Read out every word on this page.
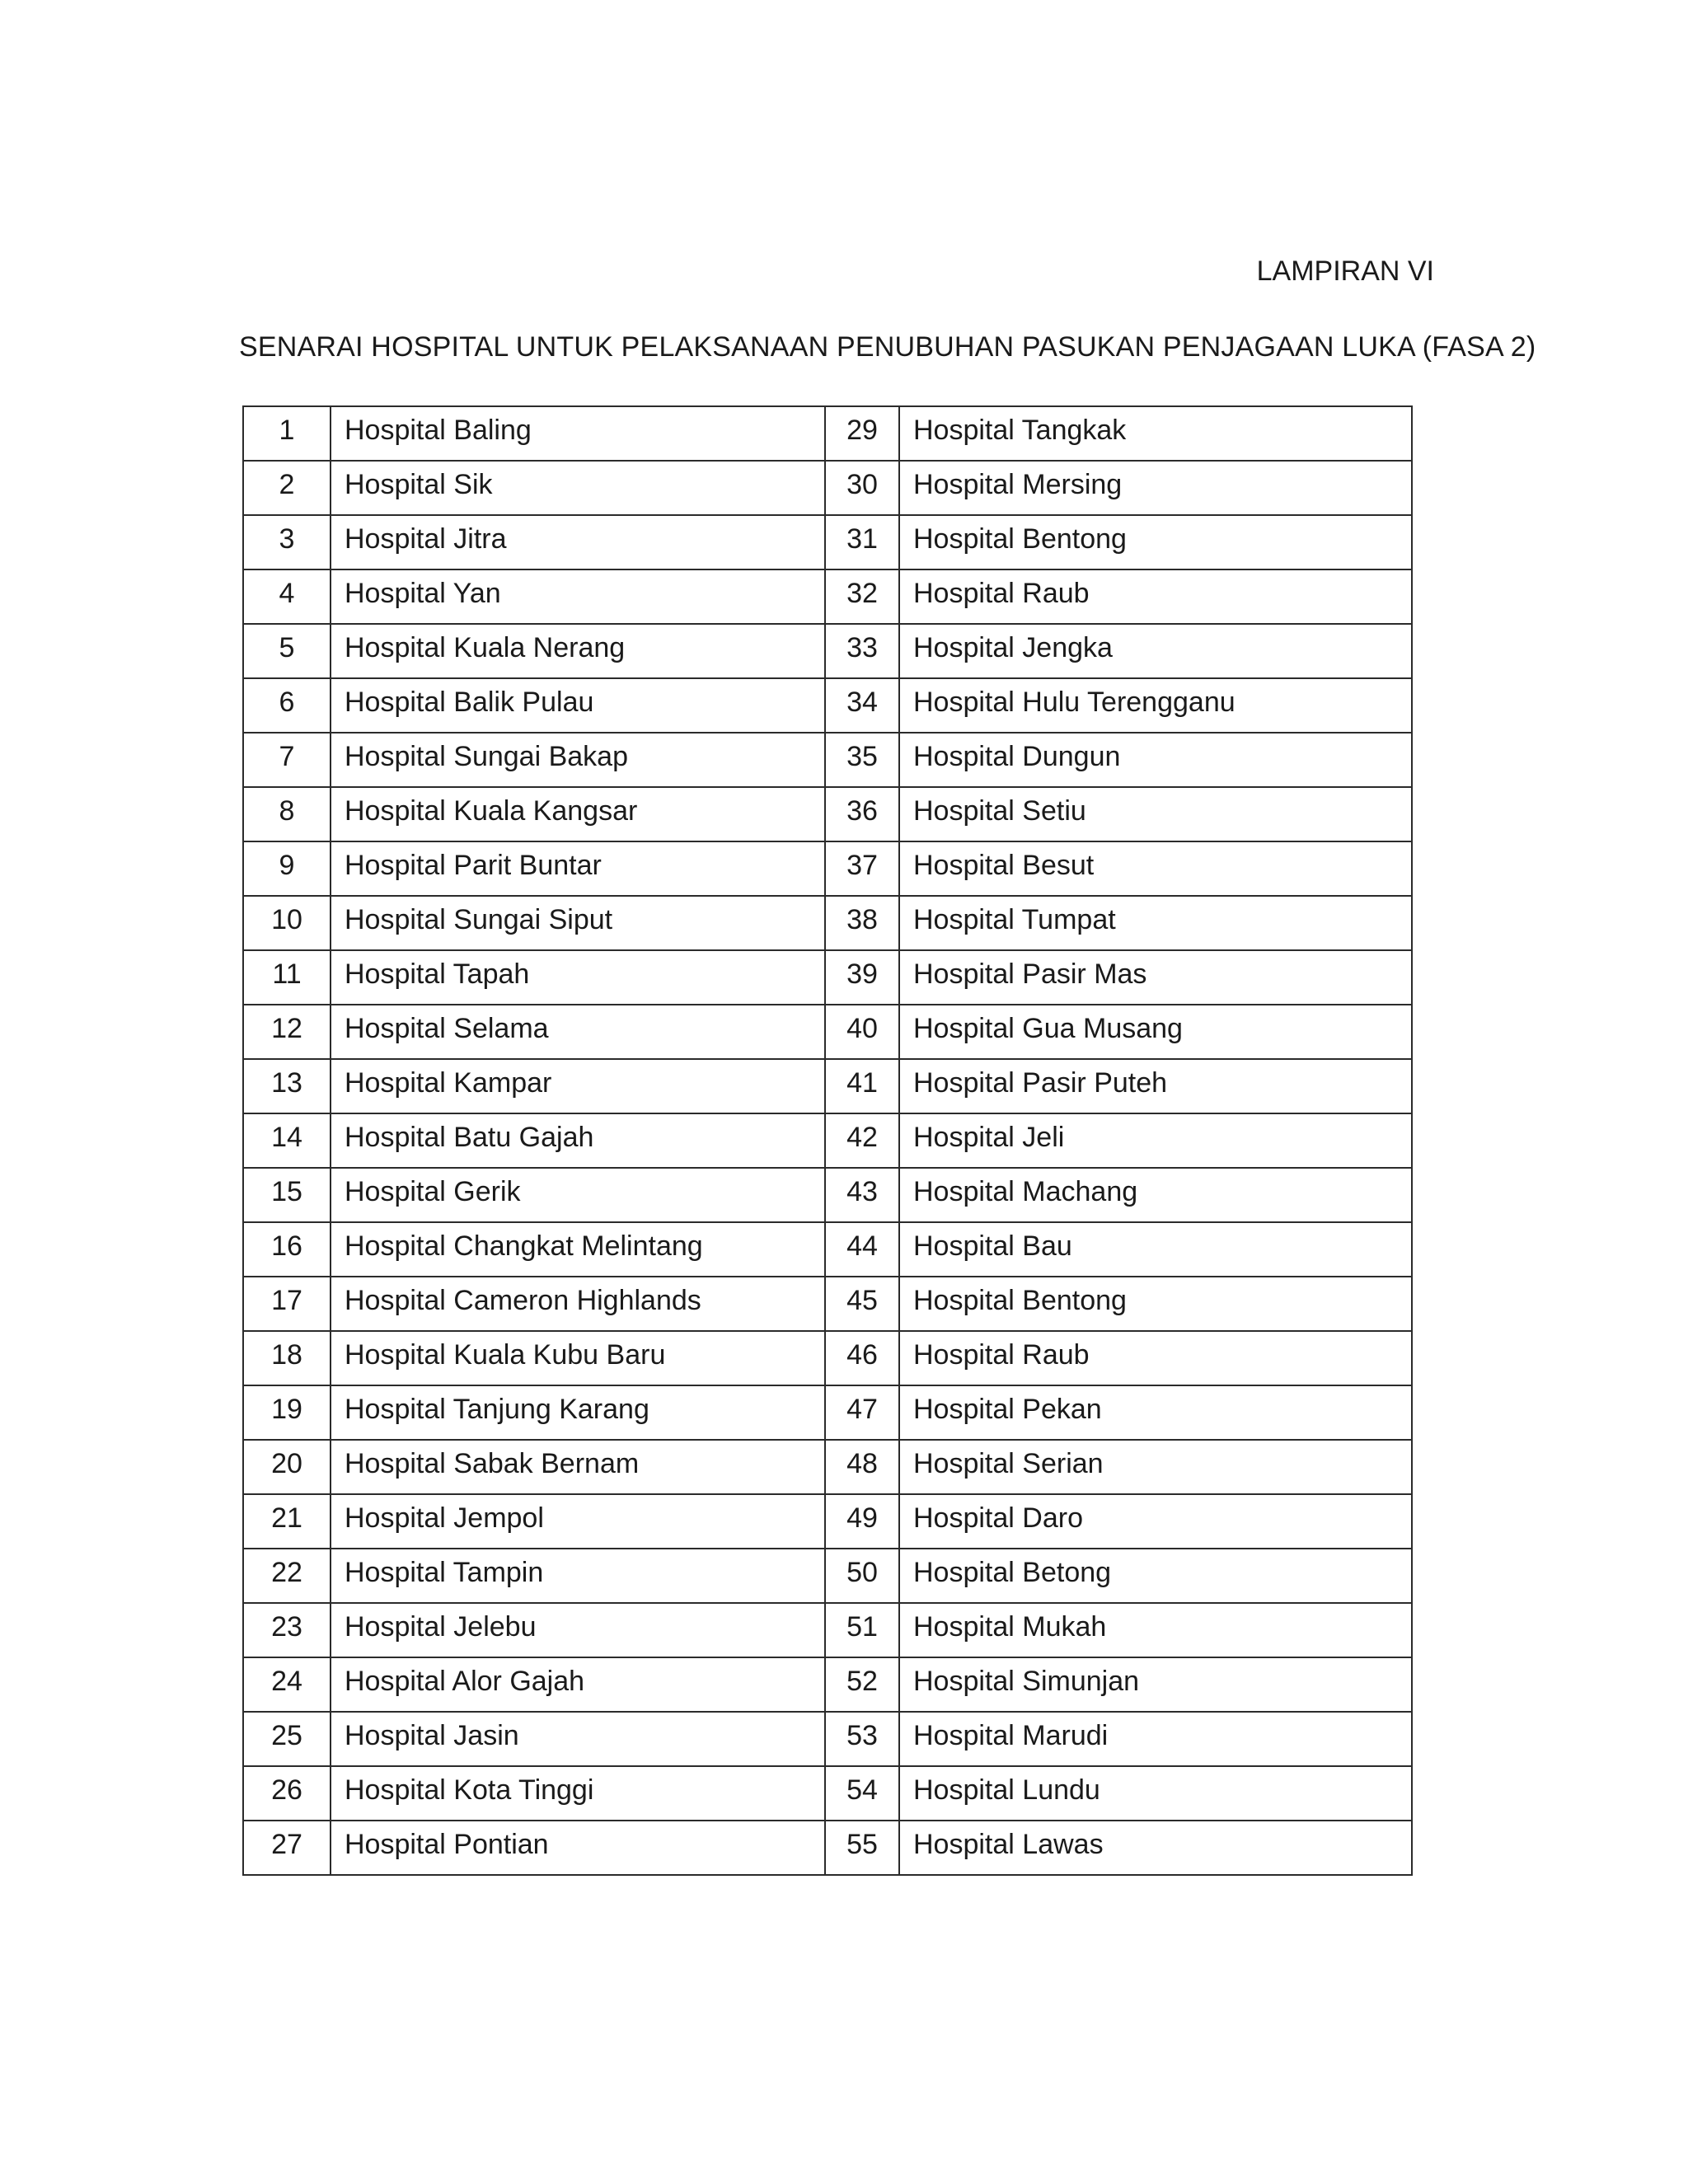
LAMPIRAN VI
SENARAI HOSPITAL UNTUK PELAKSANAAN PENUBUHAN PASUKAN PENJAGAAN LUKA (FASA 2)
1	Hospital Baling	29	Hospital Tangkak
2	Hospital Sik	30	Hospital Mersing
3	Hospital Jitra	31	Hospital Bentong
4	Hospital Yan	32	Hospital Raub
5	Hospital Kuala Nerang	33	Hospital Jengka
6	Hospital Balik Pulau	34	Hospital Hulu Terengganu
7	Hospital Sungai Bakap	35	Hospital Dungun
8	Hospital Kuala Kangsar	36	Hospital Setiu
9	Hospital Parit Buntar	37	Hospital Besut
10	Hospital Sungai Siput	38	Hospital Tumpat
11	Hospital Tapah	39	Hospital Pasir Mas
12	Hospital Selama	40	Hospital Gua Musang
13	Hospital Kampar	41	Hospital Pasir Puteh
14	Hospital Batu Gajah	42	Hospital Jeli
15	Hospital Gerik	43	Hospital Machang
16	Hospital Changkat Melintang	44	Hospital Bau
17	Hospital Cameron Highlands	45	Hospital Bentong
18	Hospital Kuala Kubu Baru	46	Hospital Raub
19	Hospital Tanjung Karang	47	Hospital Pekan
20	Hospital Sabak Bernam	48	Hospital Serian
21	Hospital Jempol	49	Hospital Daro
22	Hospital Tampin	50	Hospital Betong
23	Hospital Jelebu	51	Hospital Mukah
24	Hospital Alor Gajah	52	Hospital Simunjan
25	Hospital Jasin	53	Hospital Marudi
26	Hospital Kota Tinggi	54	Hospital Lundu
27	Hospital Pontian	55	Hospital Lawas
